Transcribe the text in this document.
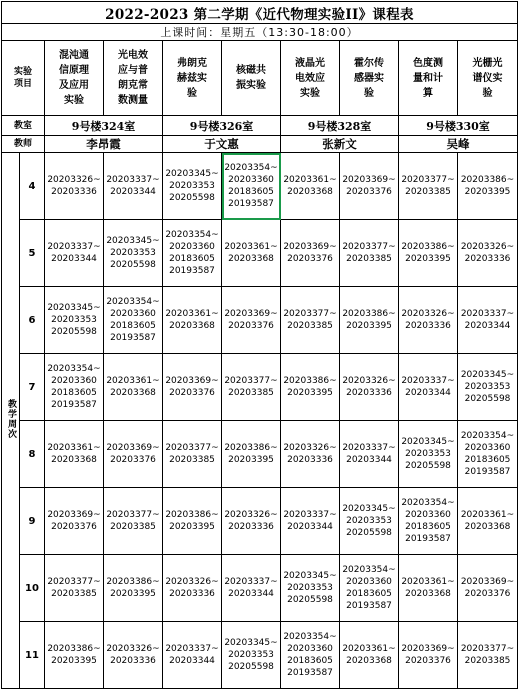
2022-2023 第二学期《近代物理实验II》课程表									
上课时间：星期五（13:30-18:00）									
实验
项目		混沌通
信原理
及应用
实验	光电效
应与普
朗克常
数测量	弗朗克
赫兹实
验	核磁共
振实验	液晶光
电效应
实验	霍尔传
感器实
验	色度测
量和计
算	光栅光
谱仪实
验
教室		9号楼324室		9号楼326室		9号楼328室		9号楼330室	
教师		李昂霞		于文惠		张新文		吴峰	
教学周次	4	20203326~
20203336	20203337~
20203344	20203345~
20203353
20205598	20203354~
20203360
20183605
20193587	20203361~
20203368	20203369~
20203376	20203377~
20203385	20203386~
20203395

	5	20203337~
20203344	20203345~
20203353
20205598	20203354~
20203360
20183605
20193587	20203361~
20203368	20203369~
20203376	20203377~
20203385	20203386~
20203395	20203326~
20203336

	6	20203345~
20203353
20205598	20203354~
20203360
20183605
20193587	20203361~
20203368	20203369~
20203376	20203377~
20203385	20203386~
20203395	20203326~
20203336	20203337~
20203344

	7	20203354~
20203360
20183605
20193587	20203361~
20203368	20203369~
20203376	20203377~
20203385	20203386~
20203395	20203326~
20203336	20203337~
20203344	20203345~
20203353
20205598

	8	20203361~
20203368	20203369~
20203376	20203377~
20203385	20203386~
20203395	20203326~
20203336	20203337~
20203344	20203345~
20203353
20205598	20203354~
20203360
20183605
20193587

	9	20203369~
20203376	20203377~
20203385	20203386~
20203395	20203326~
20203336	20203337~
20203344	20203345~
20203353
20205598	20203354~
20203360
20183605
20193587	20203361~
20203368

	10	20203377~
20203385	20203386~
20203395	20203326~
20203336	20203337~
20203344	20203345~
20203353
20205598	20203354~
20203360
20183605
20193587	20203361~
20203368	20203369~
20203376

	11	20203386~
20203395	20203326~
20203336	20203337~
20203344	20203345~
20203353
20205598	20203354~
20203360
20183605
20193587	20203361~
20203368	20203369~
20203376	20203377~
20203385
